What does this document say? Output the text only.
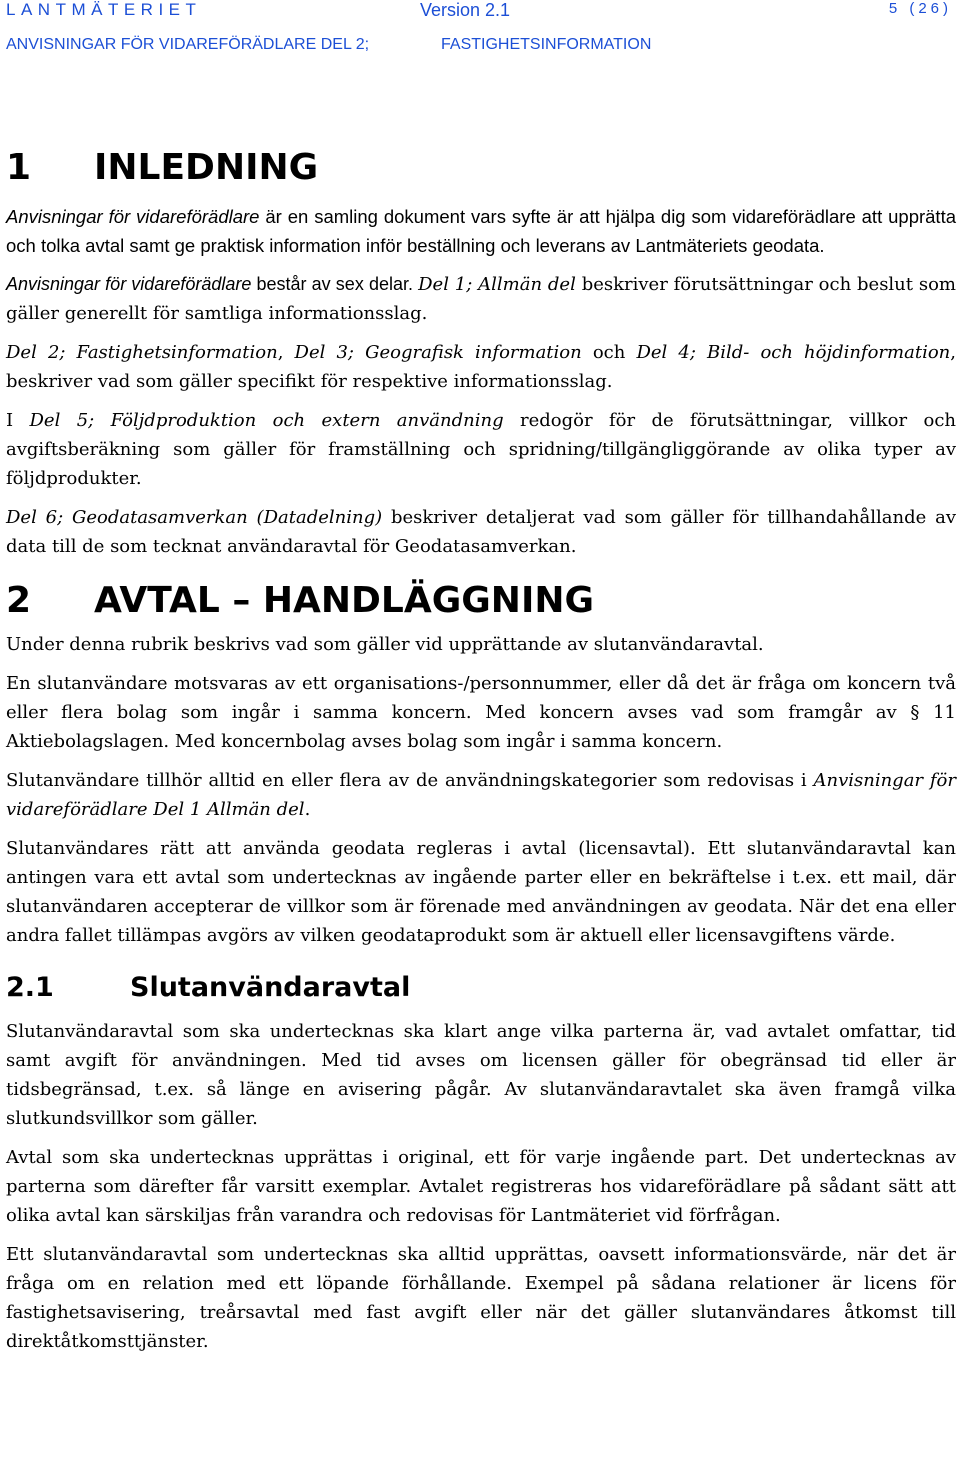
LANTMÄTERIET	Version 2.1	5 (26)
ANVISNINGAR FÖR VIDAREFÖRÄDLARE DEL 2;	FASTIGHETSINFORMATION
1	INLEDNING

Anvisningar för vidareförädlare är en samling dokument vars syfte är att hjälpa dig som vidareförädlare att upprätta och tolka avtal samt ge praktisk information inför beställning och leverans av Lantmäteriets geodata.

Anvisningar för vidareförädlare består av sex delar. Del 1; Allmän del beskriver förutsättningar och beslut som gäller generellt för samtliga informationsslag.

Del 2; Fastighetsinformation, Del 3; Geografisk information och Del 4; Bild- och höjdinformation, beskriver vad som gäller specifikt för respektive informationsslag.

I Del 5; Följdproduktion och extern användning redogör för de förutsättningar, villkor och avgiftsberäkning som gäller för framställning och spridning/tillgängliggörande av olika typer av följdprodukter.

Del 6; Geodatasamverkan (Datadelning) beskriver detaljerat vad som gäller för tillhandahållande av data till de som tecknat användaravtal för Geodatasamverkan.

2	AVTAL – HANDLÄGGNING

Under denna rubrik beskrivs vad som gäller vid upprättande av slutanvändaravtal.

En slutanvändare motsvaras av ett organisations-/personnummer, eller då det är fråga om koncern två eller flera bolag som ingår i samma koncern. Med koncern avses vad som framgår av § 11 Aktiebolagslagen. Med koncernbolag avses bolag som ingår i samma koncern.

Slutanvändare tillhör alltid en eller flera av de användningskategorier som redovisas i Anvisningar för vidareförädlare Del 1 Allmän del.

Slutanvändares rätt att använda geodata regleras i avtal (licensavtal). Ett slutanvändaravtal kan antingen vara ett avtal som undertecknas av ingående parter eller en bekräftelse i t.ex. ett mail, där slutanvändaren accepterar de villkor som är förenade med användningen av geodata. När det ena eller andra fallet tillämpas avgörs av vilken geodataprodukt som är aktuell eller licensavgiftens värde.

2.1	Slutanvändaravtal

Slutanvändaravtal som ska undertecknas ska klart ange vilka parterna är, vad avtalet omfattar, tid samt avgift för användningen. Med tid avses om licensen gäller för obegränsad tid eller är tidsbegränsad, t.ex. så länge en avisering pågår. Av slutanvändaravtalet ska även framgå vilka slutkundsvillkor som gäller.

Avtal som ska undertecknas upprättas i original, ett för varje ingående part. Det undertecknas av parterna som därefter får varsitt exemplar. Avtalet registreras hos vidareförädlare på sådant sätt att olika avtal kan särskiljas från varandra och redovisas för Lantmäteriet vid förfrågan.

Ett slutanvändaravtal som undertecknas ska alltid upprättas, oavsett informationsvärde, när det är fråga om en relation med ett löpande förhållande. Exempel på sådana relationer är licens för fastighetsavisering, treårsavtal med fast avgift eller när det gäller slutanvändares åtkomst till direktåtkomsttjänster.
